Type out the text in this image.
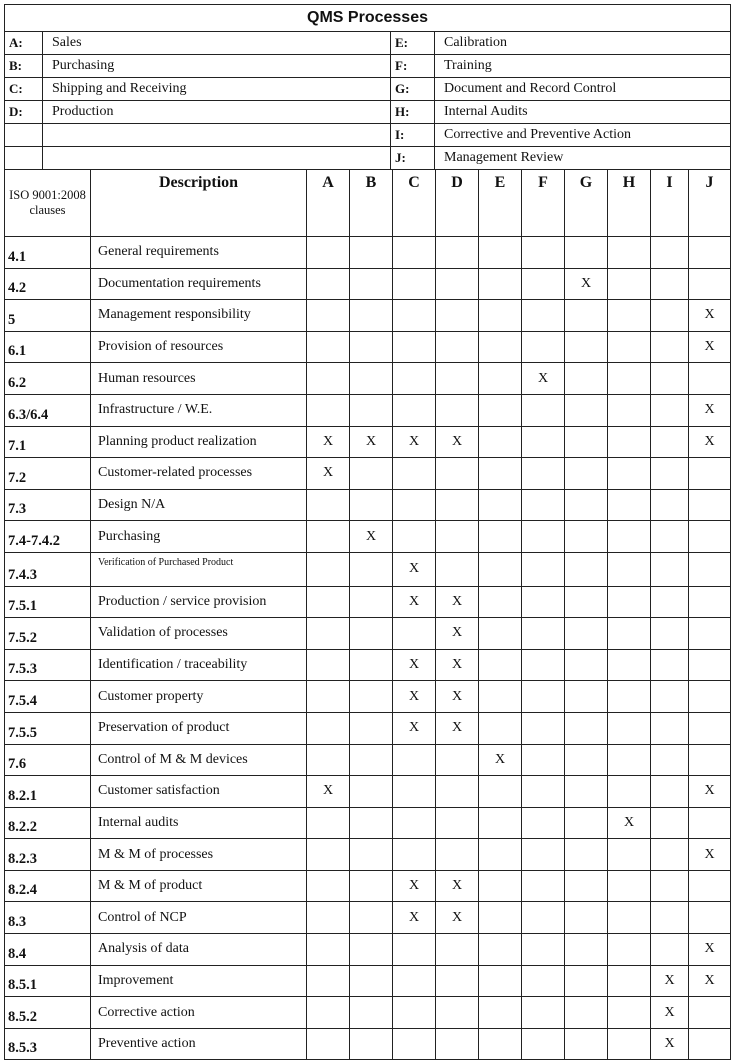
QMS Processes			
A:	Sales	E:	Calibration
B:	Purchasing	F:	Training
C:	Shipping and Receiving	G:	Document and Record Control
D:	Production	H:	Internal Audits
		I:	Corrective and Preventive Action
		J:	Management Review
ISO 9001:2008 clauses	Description	A	B	C	D	E	F	G	H	I	J
4.1	General requirements										
4.2	Documentation requirements							X			
5	Management responsibility										X
6.1	Provision of resources										X
6.2	Human resources						X				
6.3/6.4	Infrastructure / W.E.										X
7.1	Planning product realization	X	X	X	X						X
7.2	Customer-related processes	X									
7.3	Design N/A										
7.4-7.4.2	Purchasing		X								
7.4.3	Verification of Purchased Product			X							
7.5.1	Production / service provision			X	X						
7.5.2	Validation of processes				X						
7.5.3	Identification / traceability			X	X						
7.5.4	Customer property			X	X						
7.5.5	Preservation of product			X	X						
7.6	Control of M & M devices					X					
8.2.1	Customer satisfaction	X									X
8.2.2	Internal audits								X		
8.2.3	M & M of processes										X
8.2.4	M & M of product			X	X						
8.3	Control of NCP			X	X						
8.4	Analysis of data										X
8.5.1	Improvement									X	X
8.5.2	Corrective action									X	
8.5.3	Preventive action									X	
